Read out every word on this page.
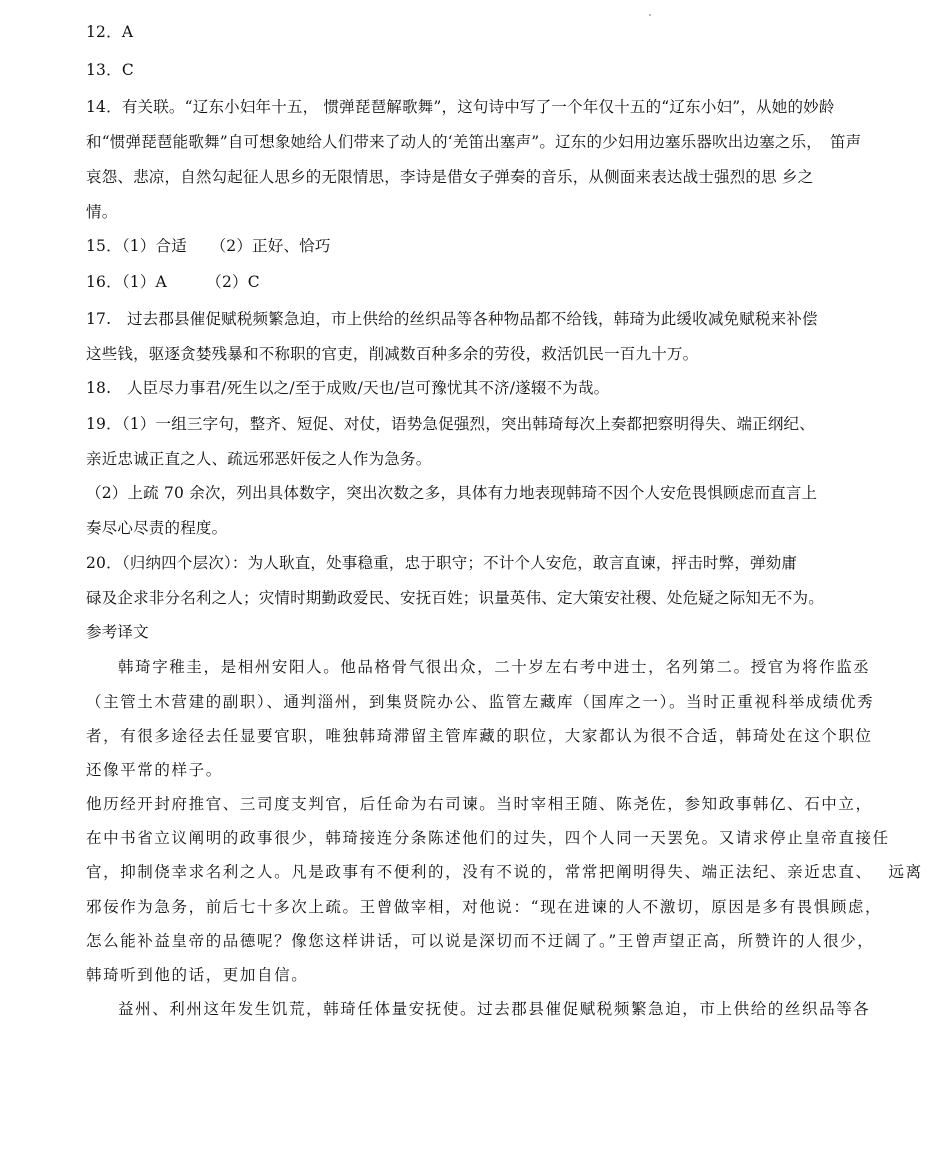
12．A
13．C
14．有关联。“辽东小妇年十五， 惯弹琵琶解歌舞”，这句诗中写了一个年仅十五的“辽东小妇”，从她的妙龄
和“惯弹琵琶能歌舞”自可想象她给人们带来了动人的‘羌笛出塞声”。辽东的少妇用边塞乐器吹出边塞之乐，　笛声
哀怨、悲凉，自然勾起征人思乡的无限情思，李诗是借女子弹奏的音乐，从侧面来表达战士强烈的思 乡之
情。
15．（1）合适　　（2）正好、恰巧
16．（1）A　　　（2）C
17.　过去郡县催促赋税频繁急迫，市上供给的丝织品等各种物品都不给钱，韩琦为此缓收减免赋税来补偿
这些钱，驱逐贪婪残暴和不称职的官吏，削减数百种多余的劳役，救活饥民一百九十万。
18.　人臣尽力事君/死生以之/至于成败/天也/岂可豫忧其不济/遂辍不为哉。
19．（1）一组三字句，整齐、短促、对仗，语势急促强烈，突出韩琦每次上奏都把察明得失、端正纲纪、
亲近忠诚正直之人、疏远邪恶奸佞之人作为急务。
（2）上疏 70 余次，列出具体数字，突出次数之多，具体有力地表现韩琦不因个人安危畏惧顾虑而直言上
奏尽心尽责的程度。
20．（归纳四个层次）：为人耿直，处事稳重，忠于职守；不计个人安危，敢言直谏，抨击时弊，弹劾庸
碌及企求非分名利之人；灾情时期勤政爱民、安抚百姓；识量英伟、定大策安社稷、处危疑之际知无不为。
参考译文
韩琦字稚圭，是相州安阳人。他品格骨气很出众，二十岁左右考中进士，名列第二。授官为将作监丞
（主管土木营建的副职）、通判淄州，到集贤院办公、监管左藏库（国库之一）。当时正重视科举成绩优秀
者，有很多途径去任显要官职，唯独韩琦滞留主管库藏的职位，大家都认为很不合适，韩琦处在这个职位
还像平常的样子。
他历经开封府推官、三司度支判官，后任命为右司谏。当时宰相王随、陈尧佐，参知政事韩亿、石中立，
在中书省立议阐明的政事很少，韩琦接连分条陈述他们的过失，四个人同一天罢免。又请求停止皇帝直接任
官，抑制侥幸求名利之人。凡是政事有不便利的，没有不说的，常常把阐明得失、端正法纪、亲近忠直、　 远离
邪佞作为急务，前后七十多次上疏。王曾做宰相，对他说：“现在进谏的人不激切，原因是多有畏惧顾虑，
怎么能补益皇帝的品德呢？像您这样讲话，可以说是深切而不迂阔了。”王曾声望正高，所赞许的人很少，
韩琦听到他的话，更加自信。
益州、利州这年发生饥荒，韩琦任体量安抚使。过去郡县催促赋税频繁急迫，市上供给的丝织品等各
